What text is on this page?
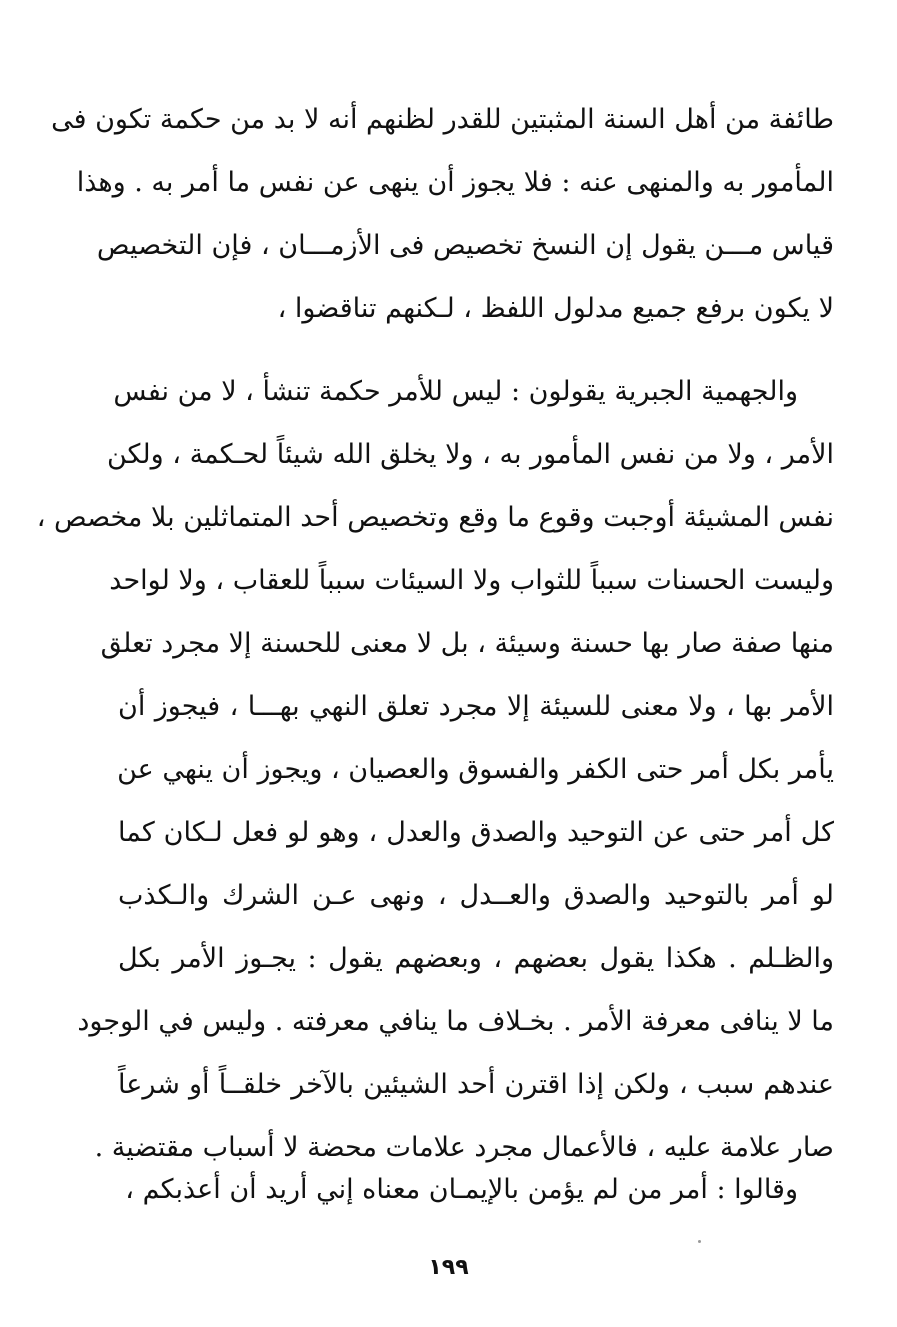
طائفة من أهل السنة المثبتين للقدر لظنهم أنه لا بد من حكمة تكون فى
المأمور به والمنهى عنه : فلا يجوز أن ينهى عن نفس ما أمر به . وهذا
قياس مـــن يقول إن النسخ تخصيص فى الأزمـــان ، فإن التخصيص
لا يكون برفع جميع مدلول اللفظ ، لـكنهم تناقضوا ،
والجهمية الجبرية يقولون : ليس للأمر حكمة تنشأ ، لا من نفس
الأمر ، ولا من نفس المأمور به ، ولا يخلق الله شيئاً لحـكمة ، ولكن
نفس المشيئة أوجبت وقوع ما وقع وتخصيص أحد المتماثلين بلا مخصص ،
وليست الحسنات سبباً للثواب ولا السيئات سبباً للعقاب ، ولا لواحد
منها صفة صار بها حسنة وسيئة ، بل لا معنى للحسنة إلا مجرد تعلق
الأمر بها ، ولا معنى للسيئة إلا مجرد تعلق النهي بهـــا ، فيجوز أن
يأمر بكل أمر حتى الكفر والفسوق والعصيان ، ويجوز أن ينهي عن
كل أمر حتى عن التوحيد والصدق والعدل ، وهو لو فعل لـكان كما
لو أمر بالتوحيد والصدق والعــدل ، ونهى عـن الشرك والـكذب
والظـلم . هكذا يقول بعضهم ، وبعضهم يقول : يجـوز الأمر بكل
ما لا ينافى معرفة الأمر . بخـلاف ما ينافي معرفته . وليس في الوجود
عندهم سبب ، ولكن إذا اقترن أحد الشيئين بالآخر خلقــاً أو شرعاً
صار علامة عليه ، فالأعمال مجرد علامات محضة لا أسباب مقتضية .
وقالوا : أمر من لم يؤمن بالإيمـان معناه إني أريد أن أعذبكم ،
١٩٩
